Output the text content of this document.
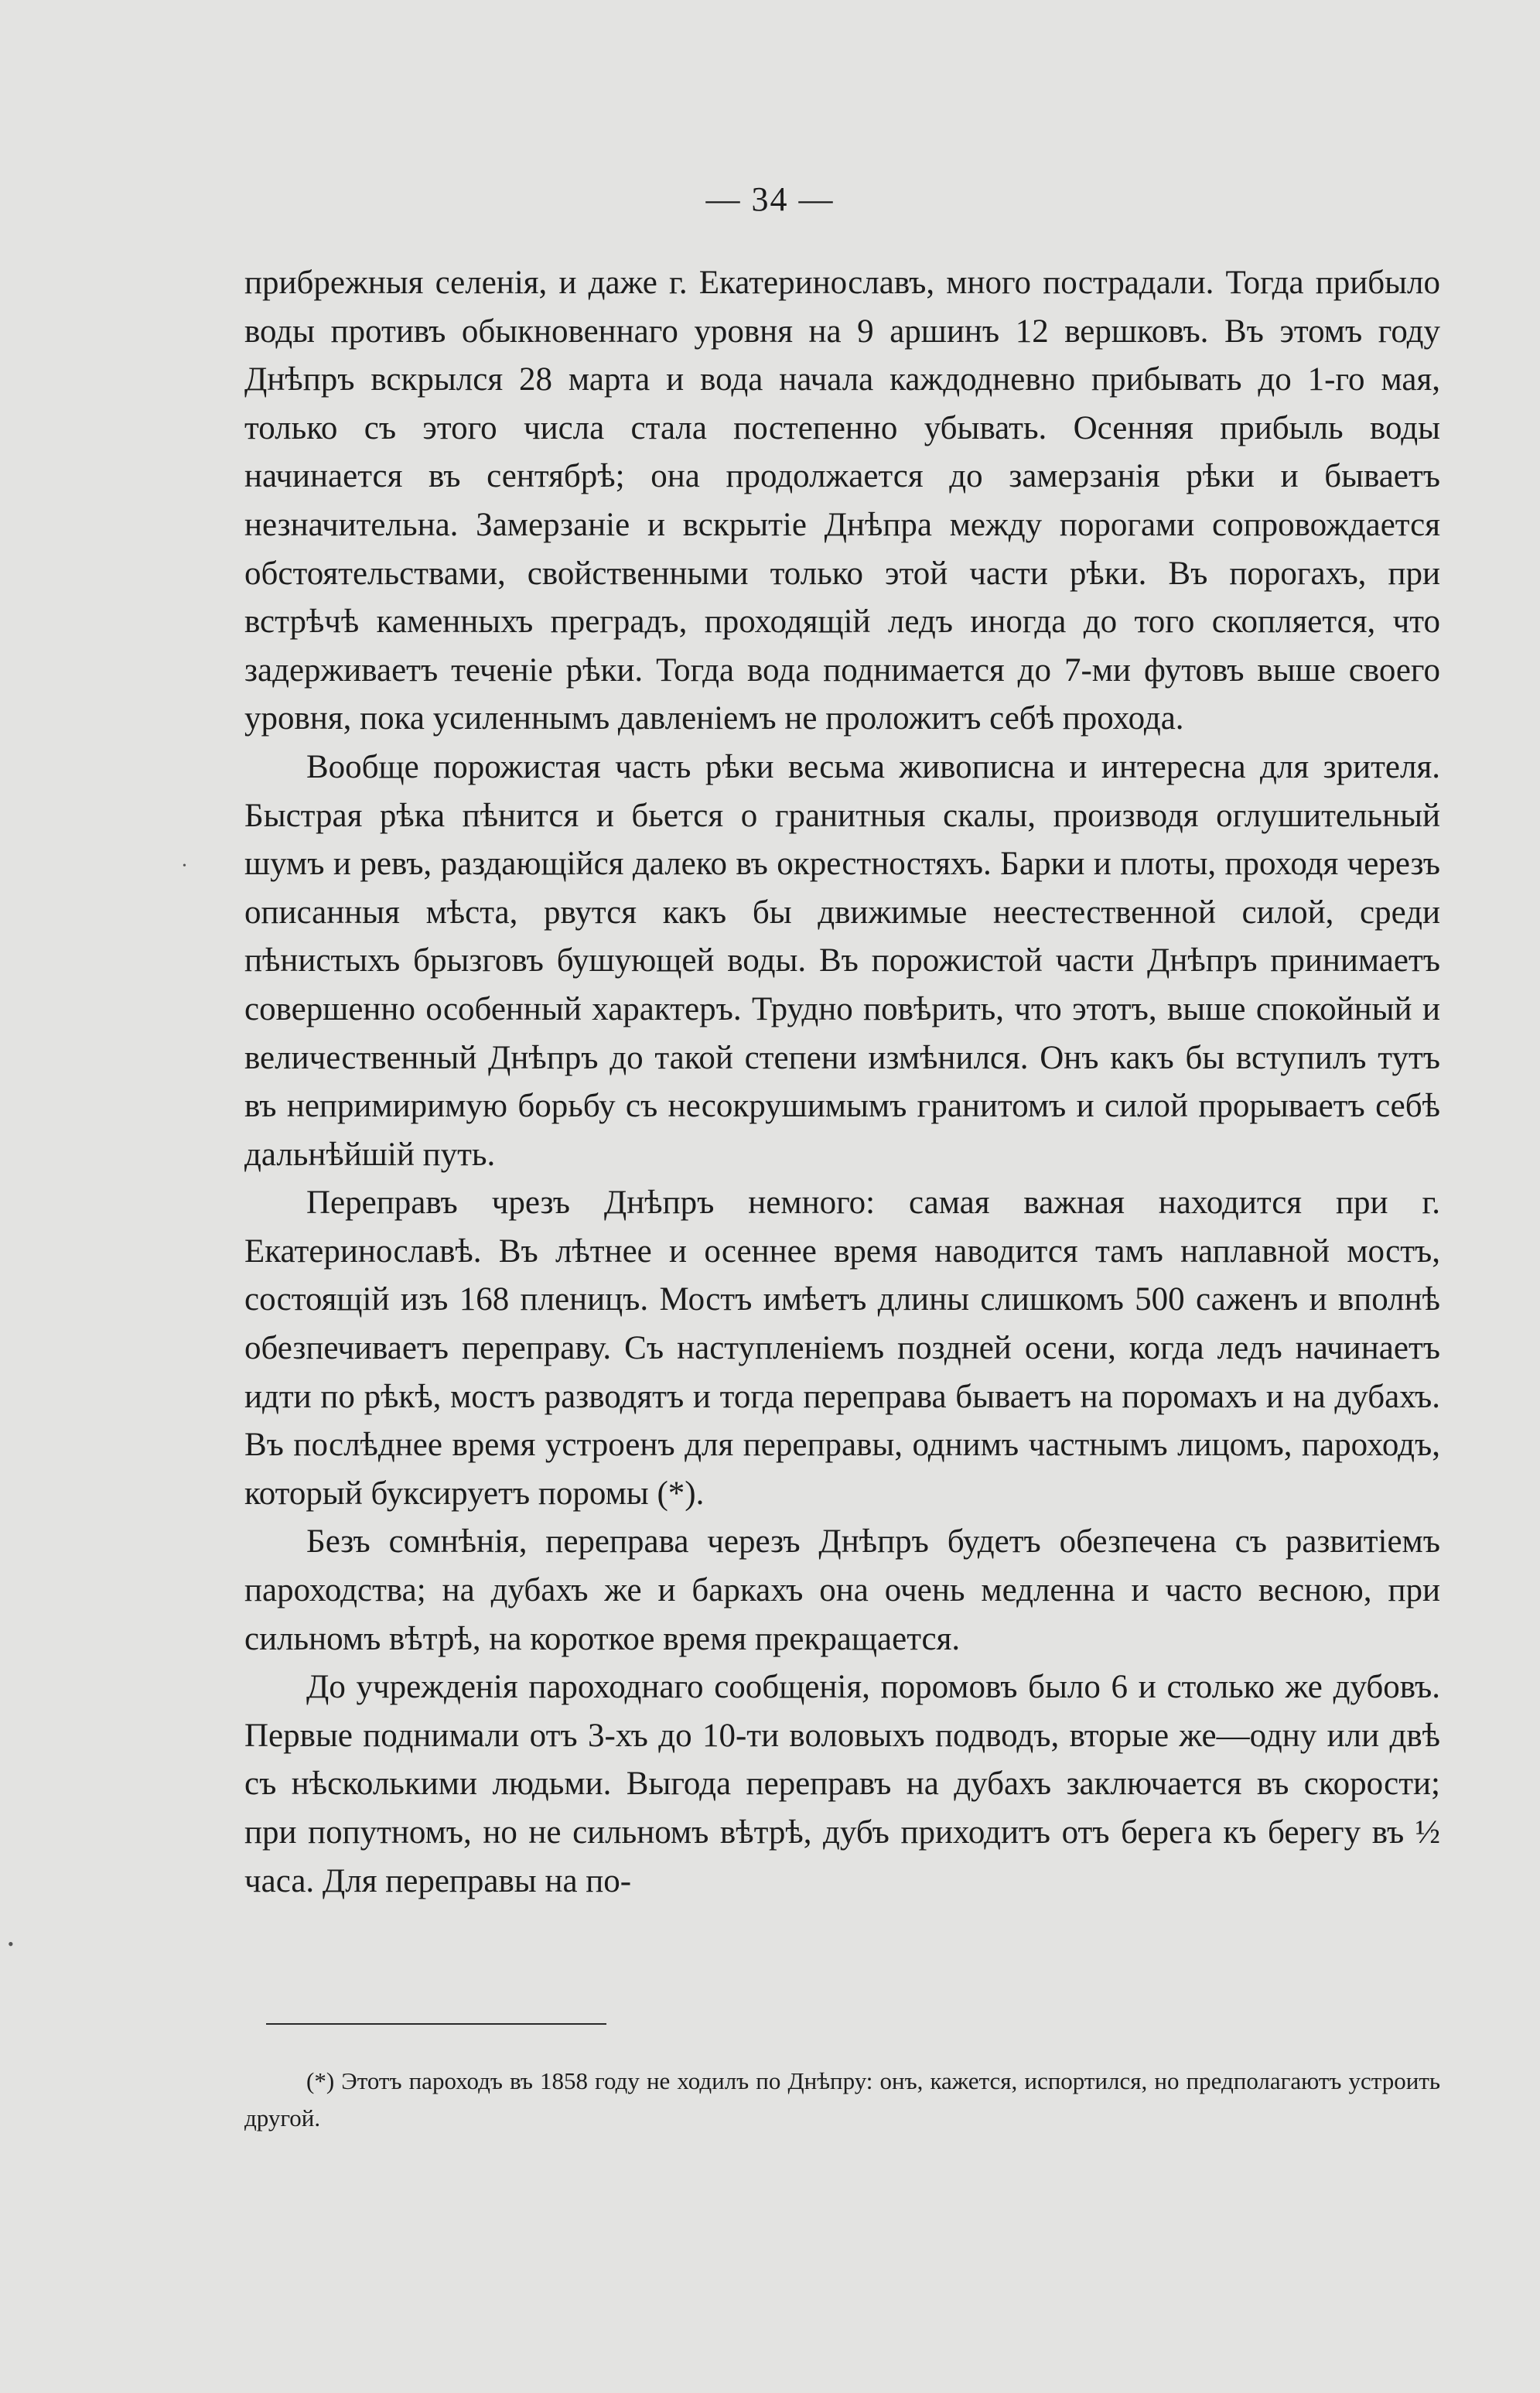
— 34 —

прибрежныя селенія, и даже г. Екатеринославъ, много пострадали. Тогда прибыло воды противъ обыкновеннаго уровня на 9 аршинъ 12 вершковъ. Въ этомъ году Днѣпръ вскрылся 28 марта и вода начала каждодневно прибывать до 1-го мая, только съ этого числа стала постепенно убывать. Осенняя прибыль воды начинается въ сентябрѣ; она продолжается до замерзанія рѣки и бываетъ незначительна. Замерзаніе и вскрытіе Днѣпра между порогами сопровождается обстоятельствами, свойственными только этой части рѣки. Въ порогахъ, при встрѣчѣ каменныхъ преградъ, проходящій ледъ иногда до того скопляется, что задерживаетъ теченіе рѣки. Тогда вода поднимается до 7-ми футовъ выше своего уровня, пока усиленнымъ давленіемъ не проложитъ себѣ прохода.

Вообще порожистая часть рѣки весьма живописна и интересна для зрителя. Быстрая рѣка пѣнится и бьется о гранитныя скалы, производя оглушительный шумъ и ревъ, раздающійся далеко въ окрестностяхъ. Барки и плоты, проходя черезъ описанныя мѣста, рвутся какъ бы движимые неестественной силой, среди пѣнистыхъ брызговъ бушующей воды. Въ порожистой части Днѣпръ принимаетъ совершенно особенный характеръ. Трудно повѣрить, что этотъ, выше спокойный и величественный Днѣпръ до такой степени измѣнился. Онъ какъ бы вступилъ тутъ въ непримиримую борьбу съ несокрушимымъ гранитомъ и силой прорываетъ себѣ дальнѣйшій путь.

Переправъ чрезъ Днѣпръ немного: самая важная находится при г. Екатеринославѣ. Въ лѣтнее и осеннее время наводится тамъ наплавной мостъ, состоящій изъ 168 пленицъ. Мостъ имѣетъ длины слишкомъ 500 саженъ и вполнѣ обезпечиваетъ переправу. Съ наступленіемъ поздней осени, когда ледъ начинаетъ идти по рѣкѣ, мостъ разводятъ и тогда переправа бываетъ на поромахъ и на дубахъ. Въ послѣднее время устроенъ для переправы, однимъ частнымъ лицомъ, пароходъ, который буксируетъ поромы (*).

Безъ сомнѣнія, переправа черезъ Днѣпръ будетъ обезпечена съ развитіемъ пароходства; на дубахъ же и баркахъ она очень медленна и часто весною, при сильномъ вѣтрѣ, на короткое время прекращается.

До учрежденія пароходнаго сообщенія, поромовъ было 6 и столько же дубовъ. Первые поднимали отъ 3-хъ до 10-ти воловыхъ подводъ, вторые же—одну или двѣ съ нѣсколькими людьми. Выгода переправъ на дубахъ заключается въ скорости; при попутномъ, но не сильномъ вѣтрѣ, дубъ приходитъ отъ берега къ берегу въ ½ часа. Для переправы на по-

(*) Этотъ пароходъ въ 1858 году не ходилъ по Днѣпру: онъ, кажется, испортился, но предполагаютъ устроить другой.
•
•
